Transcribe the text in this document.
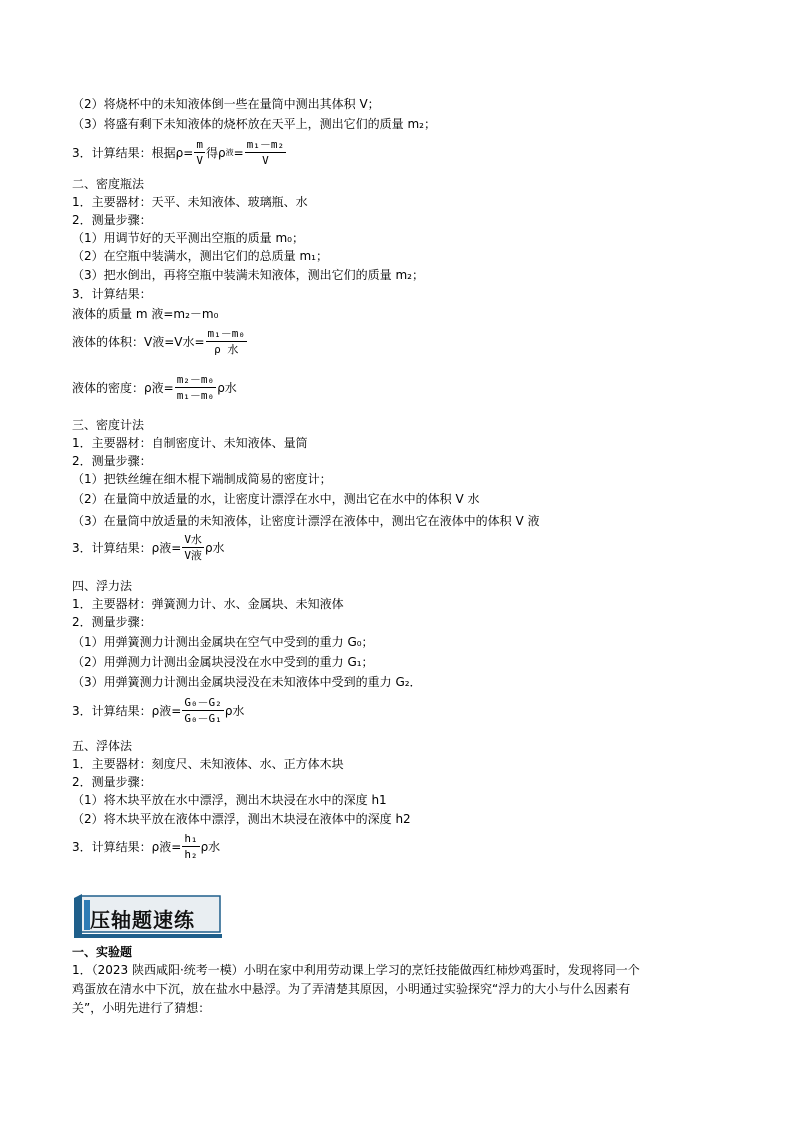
（2）将烧杯中的未知液体倒一些在量筒中测出其体积 V；
（3）将盛有剩下未知液体的烧杯放在天平上，测出它们的质量 m₂；
3．计算结果：根据$\rho= \frac{m}{V}$ 得ρ 液 = $\frac{\text{m₁－m₂}}{V}$
二、密度瓶法
1．主要器材：天平、未知液体、玻璃瓶、水
2．测量步骤：
（1）用调节好的天平测出空瓶的质量 m₀；
（2）在空瓶中装满水，测出它们的总质量 m₁；
（3）把水倒出，再将空瓶中装满未知液体，测出它们的质量 m₂；
3．计算结果：
液体的质量 m 液=m₂－m₀
液体的体积：V液=V水= $\frac{\text{m₁－m₀}}{\text{ρ 水}}$
液体的密度：ρ液= $\frac{\text{m₂－m₀}}{\text{m₁－m₀}}$ ρ水
三、密度计法
1．主要器材：自制密度计、未知液体、量筒
2．测量步骤：
（1）把铁丝缠在细木棍下端制成简易的密度计；
（2）在量筒中放适量的水，让密度计漂浮在水中，测出它在水中的体积 V 水
（3）在量筒中放适量的未知液体，让密度计漂浮在液体中，测出它在液体中的体积 V 液
3．计算结果：ρ液= $\frac{\text{V水}}{\text{V液}}$ ρ水
四、浮力法
1．主要器材：弹簧测力计、水、金属块、未知液体
2．测量步骤：
（1）用弹簧测力计测出金属块在空气中受到的重力 G₀；
（2）用弹测力计测出金属块浸没在水中受到的重力 G₁；
（3）用弹簧测力计测出金属块浸没在未知液体中受到的重力 G₂．
3．计算结果：ρ液= $\frac{\text{G₀－G₂}}{\text{G₀－G₁}}$ ρ水
五、浮体法
1．主要器材：刻度尺、未知液体、水、正方体木块
2．测量步骤：
（1）将木块平放在水中漂浮，测出木块浸在水中的深度 h1
（2）将木块平放在液体中漂浮，测出木块浸在液体中的深度 h2
3．计算结果：ρ液= $\frac{\text{h₁}}{\text{h₂}}$ ρ水
压轴题速练
一、实验题
1．（2023 陕西咸阳·统考一模）小明在家中利用劳动课上学习的烹饪技能做西红柿炒鸡蛋时，发现将同一个
鸡蛋放在清水中下沉，放在盐水中悬浮。为了弄清楚其原因，小明通过实验探究“浮力的大小与什么因素有
关”，小明先进行了猜想：
